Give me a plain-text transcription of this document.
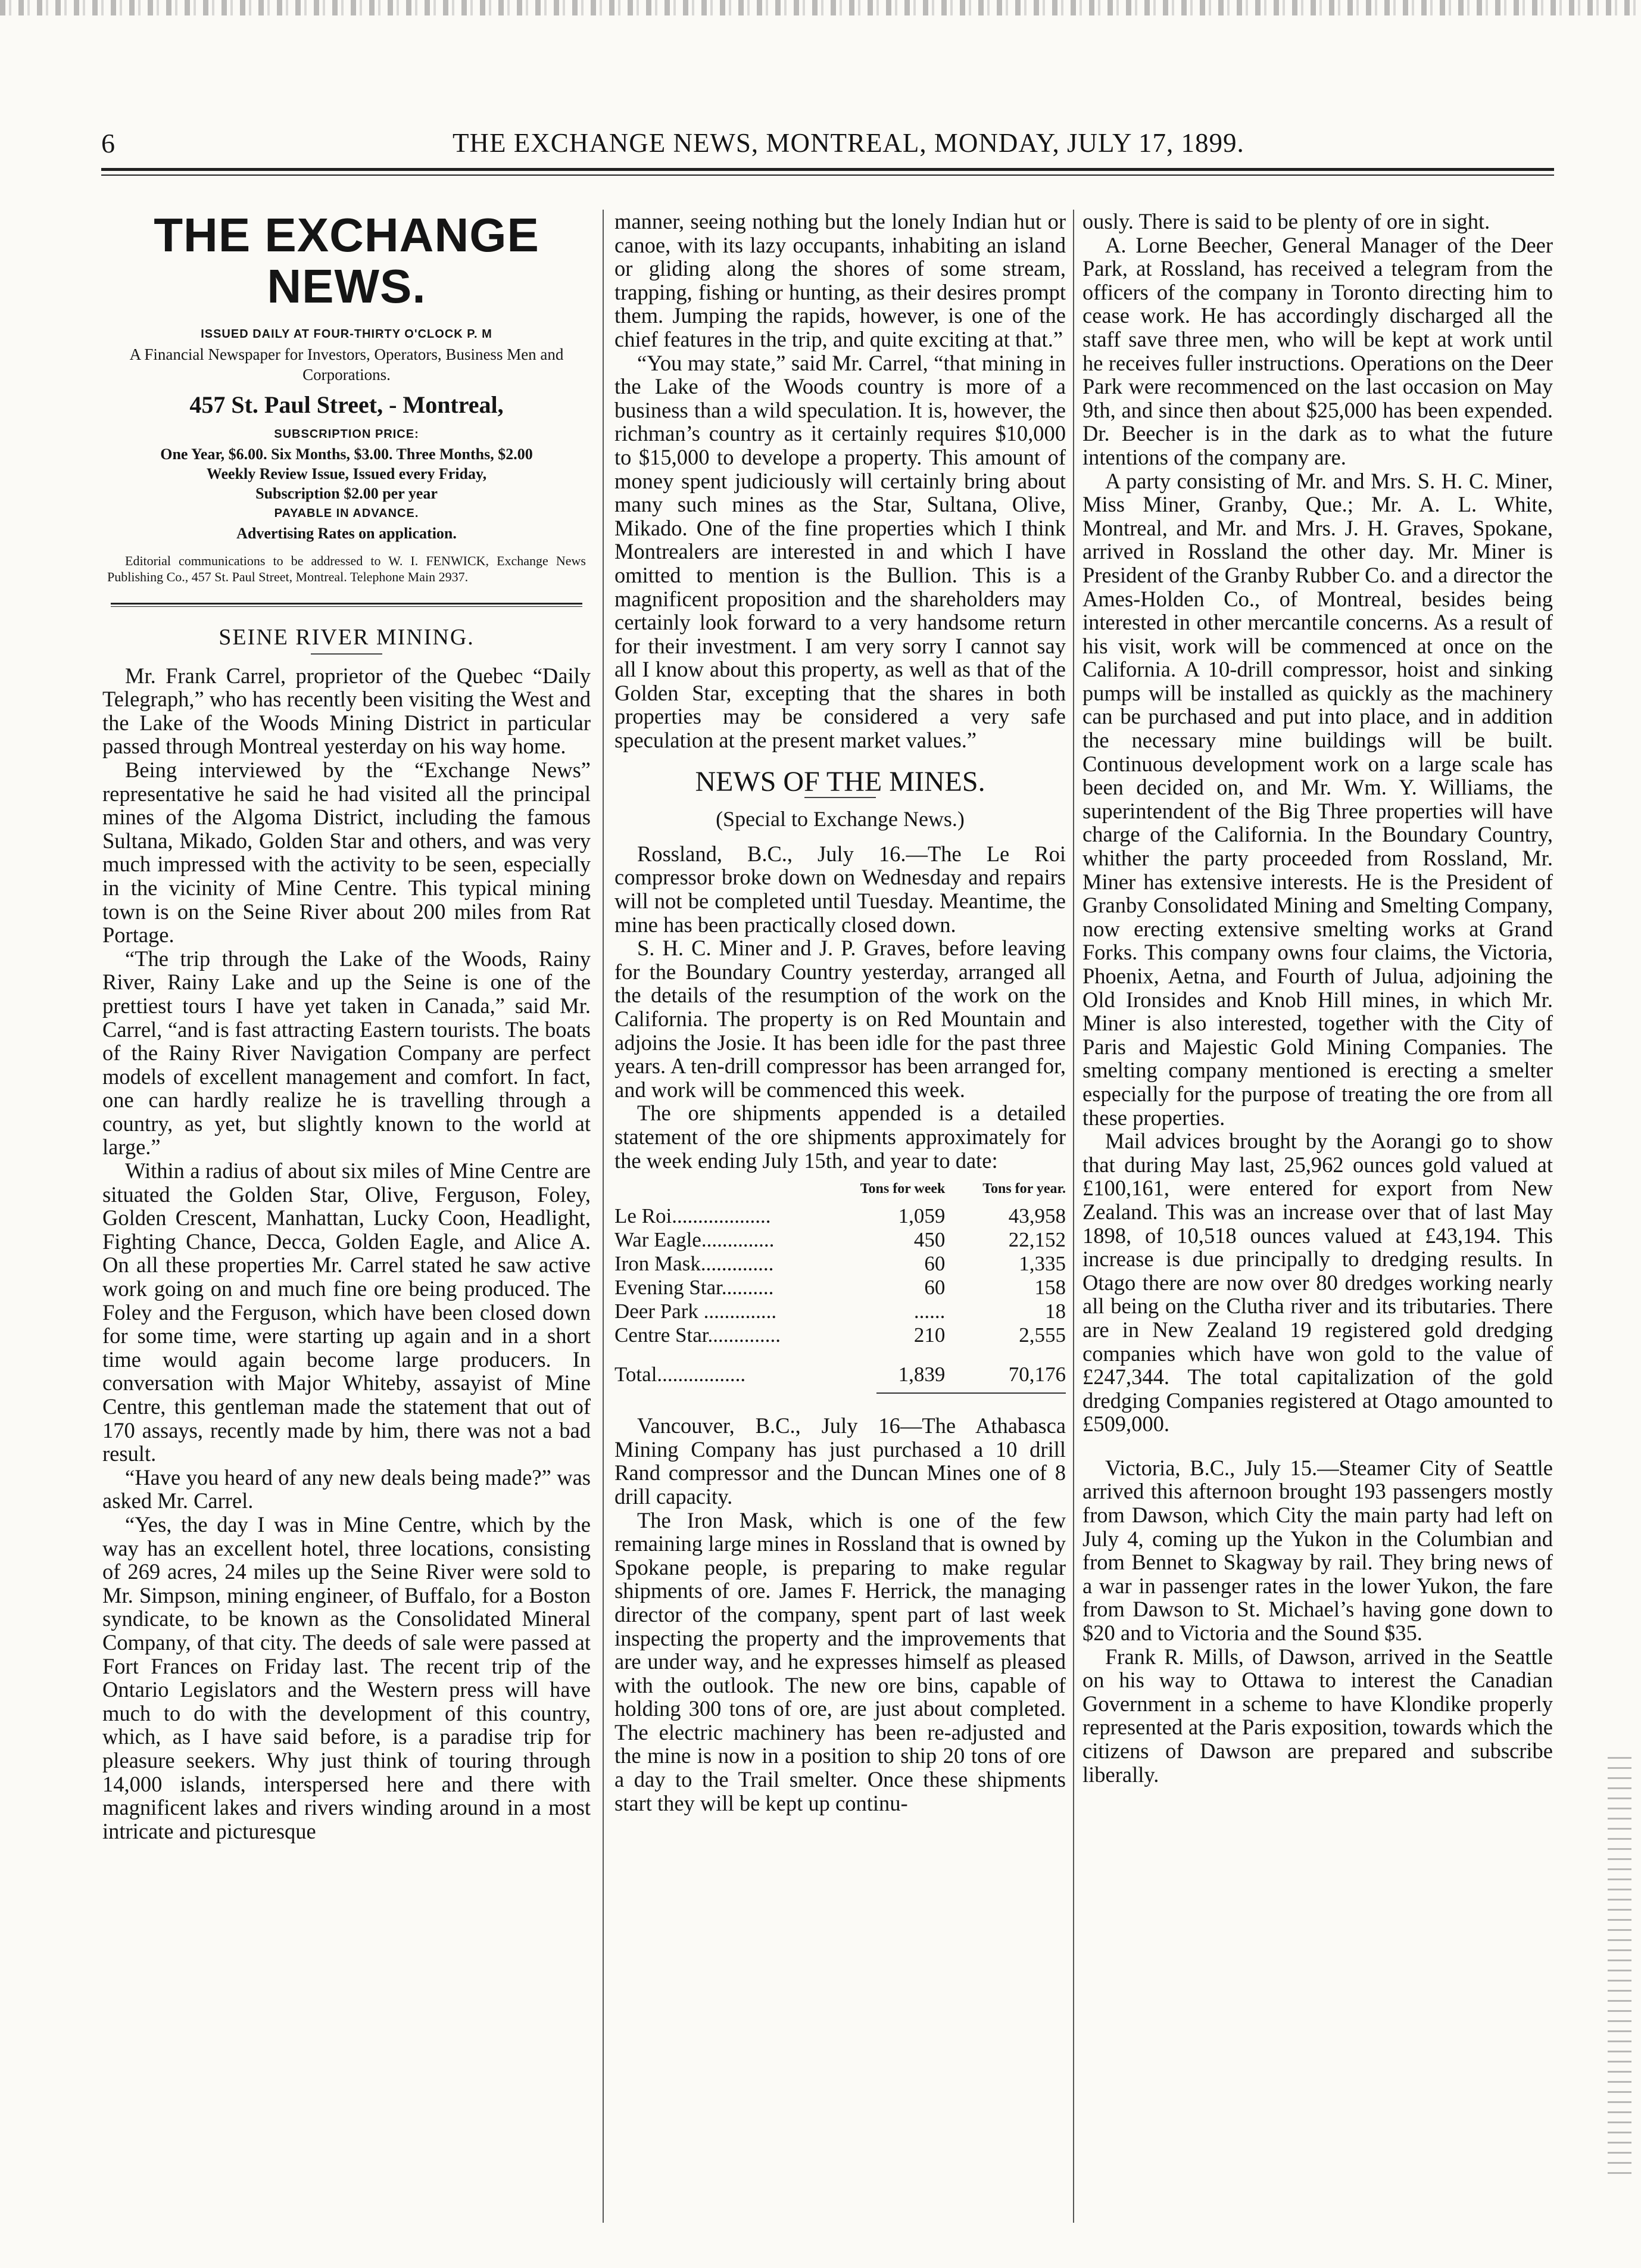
6	THE EXCHANGE NEWS, MONTREAL, MONDAY, JULY 17, 1899.
THE EXCHANGE NEWS.
ISSUED DAILY AT FOUR-THIRTY O'CLOCK P. M
A Financial Newspaper for Investors, Operators, Business Men and Corporations.
457 St. Paul Street, - Montreal,
SUBSCRIPTION PRICE:
One Year, $6.00. Six Months, $3.00. Three Months, $2.00
Weekly Review Issue, Issued every Friday,
Subscription $2.00 per year
PAYABLE IN ADVANCE.
Advertising Rates on application.
Editorial communications to be addressed to W. I. FENWICK, Exchange News Publishing Co., 457 St. Paul Street, Montreal. Telephone Main 2937.
SEINE RIVER MINING.

Mr. Frank Carrel, proprietor of the Quebec “Daily Telegraph,” who has recently been visiting the West and the Lake of the Woods Mining District in particular passed through Montreal yesterday on his way home.

Being interviewed by the “Exchange News” representative he said he had visited all the principal mines of the Algoma District, including the famous Sultana, Mikado, Golden Star and others, and was very much impressed with the activity to be seen, especially in the vicinity of Mine Centre. This typical mining town is on the Seine River about 200 miles from Rat Portage.

“The trip through the Lake of the Woods, Rainy River, Rainy Lake and up the Seine is one of the prettiest tours I have yet taken in Canada,” said Mr. Carrel, “and is fast attracting Eastern tourists. The boats of the Rainy River Navigation Company are perfect models of excellent management and comfort. In fact, one can hardly realize he is travelling through a country, as yet, but slightly known to the world at large.”

Within a radius of about six miles of Mine Centre are situated the Golden Star, Olive, Ferguson, Foley, Golden Crescent, Manhattan, Lucky Coon, Headlight, Fighting Chance, Decca, Golden Eagle, and Alice A. On all these properties Mr. Carrel stated he saw active work going on and much fine ore being produced. The Foley and the Ferguson, which have been closed down for some time, were starting up again and in a short time would again become large producers. In conversation with Major Whiteby, assayist of Mine Centre, this gentleman made the statement that out of 170 assays, recently made by him, there was not a bad result.

“Have you heard of any new deals being made?” was asked Mr. Carrel.

“Yes, the day I was in Mine Centre, which by the way has an excellent hotel, three locations, consisting of 269 acres, 24 miles up the Seine River were sold to Mr. Simpson, mining engineer, of Buffalo, for a Boston syndicate, to be known as the Consolidated Mineral Company, of that city. The deeds of sale were passed at Fort Frances on Friday last. The recent trip of the Ontario Legislators and the Western press will have much to do with the development of this country, which, as I have said before, is a paradise trip for pleasure seekers. Why just think of touring through 14,000 islands, interspersed here and there with magnificent lakes and rivers winding around in a most intricate and picturesque

manner, seeing nothing but the lonely Indian hut or canoe, with its lazy occupants, inhabiting an island or gliding along the shores of some stream, trapping, fishing or hunting, as their desires prompt them. Jumping the rapids, however, is one of the chief features in the trip, and quite exciting at that.”

“You may state,” said Mr. Carrel, “that mining in the Lake of the Woods country is more of a business than a wild speculation. It is, however, the richman’s country as it certainly requires $10,000 to $15,000 to develope a property. This amount of money spent judiciously will certainly bring about many such mines as the Star, Sultana, Olive, Mikado. One of the fine properties which I think Montrealers are interested in and which I have omitted to mention is the Bullion. This is a magnificent proposition and the shareholders may certainly look forward to a very handsome return for their investment. I am very sorry I cannot say all I know about this property, as well as that of the Golden Star, excepting that the shares in both properties may be considered a very safe speculation at the present market values.”

NEWS OF THE MINES.
(Special to Exchange News.)

Rossland, B.C., July 16.—The Le Roi compressor broke down on Wednesday and repairs will not be completed until Tuesday. Meantime, the mine has been practically closed down.

S. H. C. Miner and J. P. Graves, before leaving for the Boundary Country yesterday, arranged all the details of the resumption of the work on the California. The property is on Red Mountain and adjoins the Josie. It has been idle for the past three years. A ten-drill compressor has been arranged for, and work will be commenced this week.

The ore shipments appended is a detailed statement of the ore shipments approximately for the week ending July 15th, and year to date:

	Tons for week	Tons for year.
Le Roi...................	1,059	43,958
War Eagle..............	450	22,152
Iron Mask..............	60	1,335
Evening Star..........	60	158
Deer Park ..............	......	18
Centre Star..............	210	2,555
Total.................	1,839	70,176

Vancouver, B.C., July 16—The Athabasca Mining Company has just purchased a 10 drill Rand compressor and the Duncan Mines one of 8 drill capacity.

The Iron Mask, which is one of the few remaining large mines in Rossland that is owned by Spokane people, is preparing to make regular shipments of ore. James F. Herrick, the managing director of the company, spent part of last week inspecting the property and the improvements that are under way, and he expresses himself as pleased with the outlook. The new ore bins, capable of holding 300 tons of ore, are just about completed. The electric machinery has been re-adjusted and the mine is now in a position to ship 20 tons of ore a day to the Trail smelter. Once these shipments start they will be kept up continu-

ously. There is said to be plenty of ore in sight.

A. Lorne Beecher, General Manager of the Deer Park, at Rossland, has received a telegram from the officers of the company in Toronto directing him to cease work. He has accordingly discharged all the staff save three men, who will be kept at work until he receives fuller instructions. Operations on the Deer Park were recommenced on the last occasion on May 9th, and since then about $25,000 has been expended. Dr. Beecher is in the dark as to what the future intentions of the company are.

A party consisting of Mr. and Mrs. S. H. C. Miner, Miss Miner, Granby, Que.; Mr. A. L. White, Montreal, and Mr. and Mrs. J. H. Graves, Spokane, arrived in Rossland the other day. Mr. Miner is President of the Granby Rubber Co. and a director the Ames-Holden Co., of Montreal, besides being interested in other mercantile concerns. As a result of his visit, work will be commenced at once on the California. A 10-drill compressor, hoist and sinking pumps will be installed as quickly as the machinery can be purchased and put into place, and in addition the necessary mine buildings will be built. Continuous development work on a large scale has been decided on, and Mr. Wm. Y. Williams, the superintendent of the Big Three properties will have charge of the California. In the Boundary Country, whither the party proceeded from Rossland, Mr. Miner has extensive interests. He is the President of Granby Consolidated Mining and Smelting Company, now erecting extensive smelting works at Grand Forks. This company owns four claims, the Victoria, Phoenix, Aetna, and Fourth of Julua, adjoining the Old Ironsides and Knob Hill mines, in which Mr. Miner is also interested, together with the City of Paris and Majestic Gold Mining Companies. The smelting company mentioned is erecting a smelter especially for the purpose of treating the ore from all these properties.

Mail advices brought by the Aorangi go to show that during May last, 25,962 ounces gold valued at £100,161, were entered for export from New Zealand. This was an increase over that of last May 1898, of 10,518 ounces valued at £43,194. This increase is due principally to dredging results. In Otago there are now over 80 dredges working nearly all being on the Clutha river and its tributaries. There are in New Zealand 19 registered gold dredging companies which have won gold to the value of £247,344. The total capitalization of the gold dredging Companies registered at Otago amounted to £509,000.

Victoria, B.C., July 15.—Steamer City of Seattle arrived this afternoon brought 193 passengers mostly from Dawson, which City the main party had left on July 4, coming up the Yukon in the Columbian and from Bennet to Skagway by rail. They bring news of a war in passenger rates in the lower Yukon, the fare from Dawson to St. Michael’s having gone down to $20 and to Victoria and the Sound $35.

Frank R. Mills, of Dawson, arrived in the Seattle on his way to Ottawa to interest the Canadian Government in a scheme to have Klondike properly represented at the Paris exposition, towards which the citizens of Dawson are prepared and subscribe liberally.
